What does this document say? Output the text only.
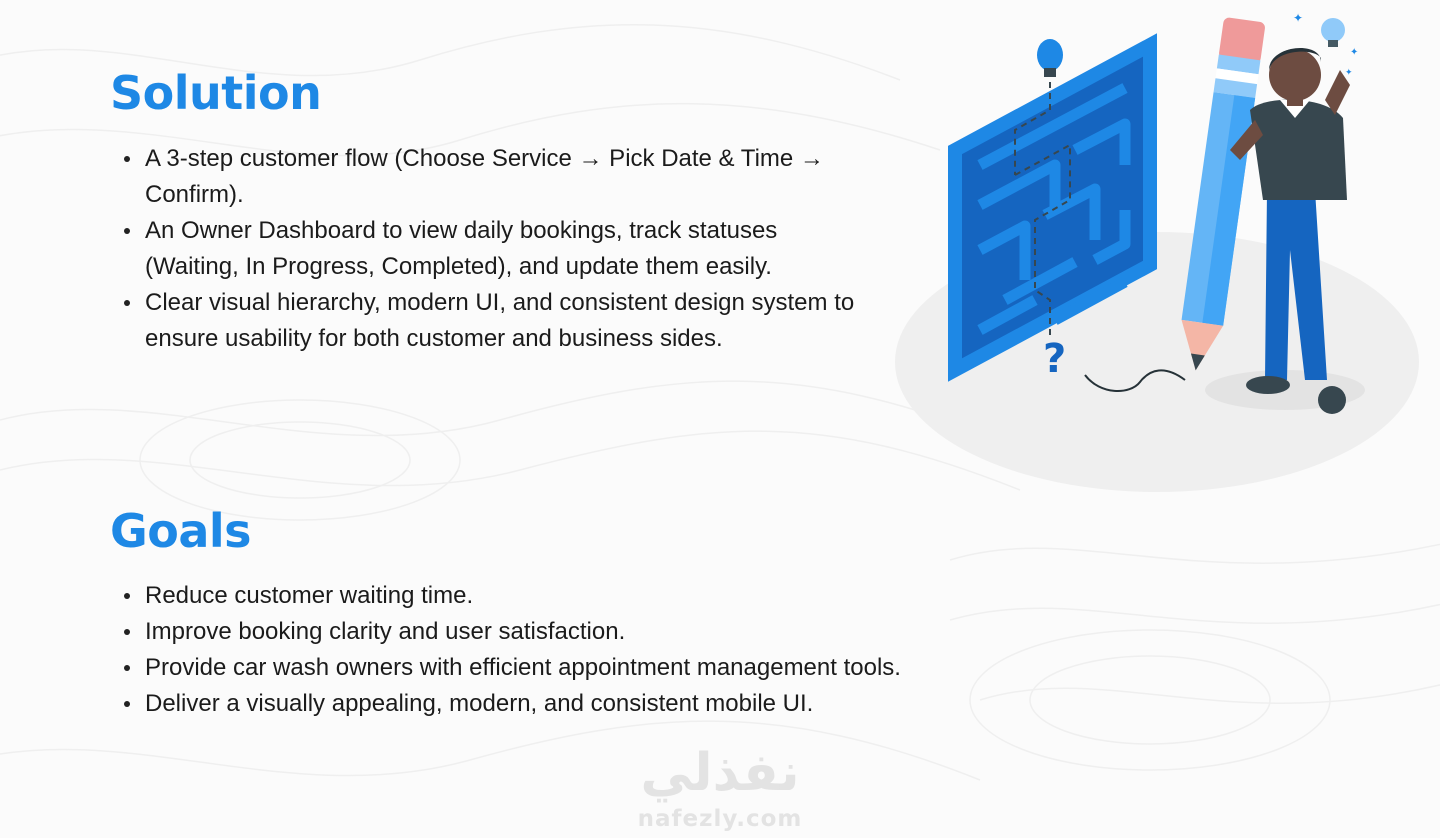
Solution
A 3-step customer flow (Choose Service → Pick Date & Time → Confirm).
An Owner Dashboard to view daily bookings, track statuses (Waiting, In Progress, Completed), and update them easily.
Clear visual hierarchy, modern UI, and consistent design system to ensure usability for both customer and business sides.
Goals
Reduce customer waiting time.
Improve booking clarity and user satisfaction.
Provide car wash owners with efficient appointment management tools.
Deliver a visually appealing, modern, and consistent mobile UI.
?
✦
✦
✦
نفذلي
nafezly.com
